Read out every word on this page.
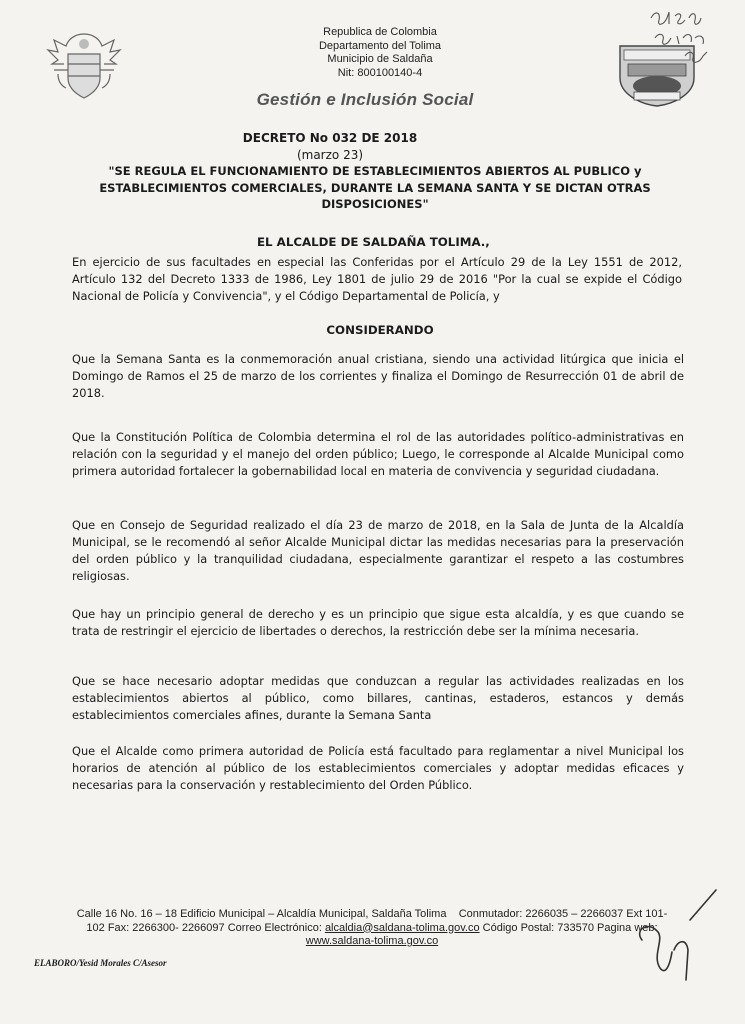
Republica de Colombia
Departamento del Tolima
Municipio de Saldaña
Nit: 800100140-4
Gestión e Inclusión Social
DECRETO No 032 DE 2018
(marzo 23)
"SE REGULA EL FUNCIONAMIENTO DE ESTABLECIMIENTOS ABIERTOS AL PUBLICO y ESTABLECIMIENTOS COMERCIALES, DURANTE LA SEMANA SANTA Y SE DICTAN OTRAS DISPOSICIONES"
EL ALCALDE DE SALDAÑA TOLIMA.,
En ejercicio de sus facultades en especial las Conferidas por el Artículo 29 de la Ley 1551 de 2012, Artículo 132 del Decreto 1333 de 1986, Ley 1801 de julio 29 de 2016 "Por la cual se expide el Código Nacional de Policía y Convivencia", y el Código Departamental de Policía, y
CONSIDERANDO

Que la Semana Santa es la conmemoración anual cristiana, siendo una actividad litúrgica que inicia el Domingo de Ramos el 25 de marzo de los corrientes y finaliza el Domingo de Resurrección 01 de abril de 2018.

Que la Constitución Política de Colombia determina el rol de las autoridades político-administrativas en relación con la seguridad y el manejo del orden público; Luego, le corresponde al Alcalde Municipal como primera autoridad fortalecer la gobernabilidad local en materia de convivencia y seguridad ciudadana.

Que en Consejo de Seguridad realizado el día 23 de marzo de 2018, en la Sala de Junta de la Alcaldía Municipal, se le recomendó al señor Alcalde Municipal dictar las medidas necesarias para la preservación del orden público y la tranquilidad ciudadana, especialmente garantizar el respeto a las costumbres religiosas.

Que hay un principio general de derecho y es un principio que sigue esta alcaldía, y es que cuando se trata de restringir el ejercicio de libertades o derechos, la restricción debe ser la mínima necesaria.

Que se hace necesario adoptar medidas que conduzcan a regular las actividades realizadas en los establecimientos abiertos al público, como billares, cantinas, estaderos, estancos y demás establecimientos comerciales afines, durante la Semana Santa

Que el Alcalde como primera autoridad de Policía está facultado para reglamentar a nivel Municipal los horarios de atención al público de los establecimientos comerciales y adoptar medidas eficaces y necesarias para la conservación y restablecimiento del Orden Público.

Calle 16 No. 16 – 18 Edificio Municipal – Alcaldía Municipal, Saldaña Tolima Conmutador: 2266035 – 2266037 Ext 101-102 Fax: 2266300- 2266097 Correo Electrónico: alcaldia@saldana-tolima.gov.co Código Postal: 733570 Pagina web: www.saldana-tolima.gov.co
ELABORO/Yesid Morales C/Asesor
